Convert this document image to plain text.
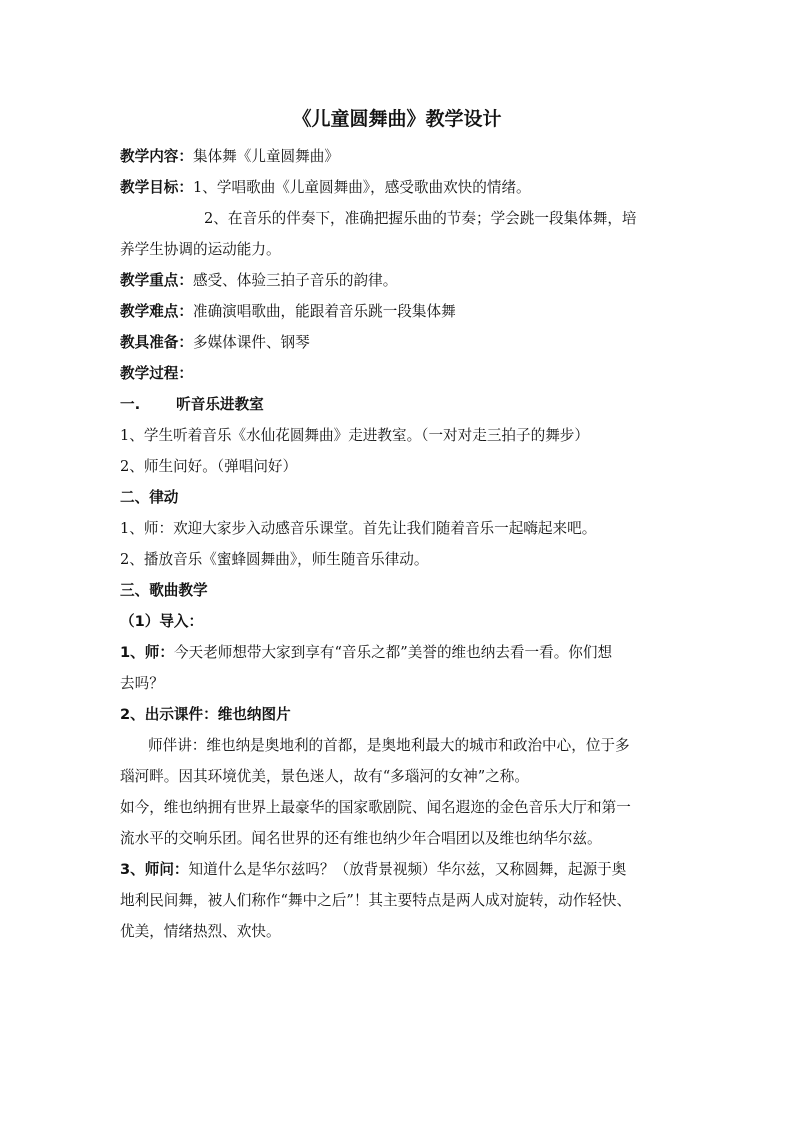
《儿童圆舞曲》教学设计

教学内容：集体舞《儿童圆舞曲》

教学目标：1、学唱歌曲《儿童圆舞曲》，感受歌曲欢快的情绪。

2、在音乐的伴奏下，准确把握乐曲的节奏；学会跳一段集体舞，培

养学生协调的运动能力。

教学重点：感受、体验三拍子音乐的韵律。

教学难点：准确演唱歌曲，能跟着音乐跳一段集体舞

教具准备：多媒体课件、钢琴

教学过程：

一. 听音乐进教室

1、学生听着音乐《水仙花圆舞曲》走进教室。（一对对走三拍子的舞步）

2、师生问好。（弹唱问好）

二、律动

1、师：欢迎大家步入动感音乐课堂。首先让我们随着音乐一起嗨起来吧。

2、播放音乐《蜜蜂圆舞曲》，师生随音乐律动。

三、歌曲教学

（1）导入：

1、师：今天老师想带大家到享有“音乐之都”美誉的维也纳去看一看。你们想

去吗？

2、出示课件：维也纳图片

师伴讲：维也纳是奥地利的首都，是奥地利最大的城市和政治中心，位于多

瑙河畔。因其环境优美，景色迷人，故有“多瑙河的女神”之称。

如今，维也纳拥有世界上最豪华的国家歌剧院、闻名遐迩的金色音乐大厅和第一

流水平的交响乐团。闻名世界的还有维也纳少年合唱团以及维也纳华尔兹。

3、师问：知道什么是华尔兹吗？（放背景视频）华尔兹，又称圆舞，起源于奥

地利民间舞，被人们称作“舞中之后”！其主要特点是两人成对旋转，动作轻快、

优美，情绪热烈、欢快。
